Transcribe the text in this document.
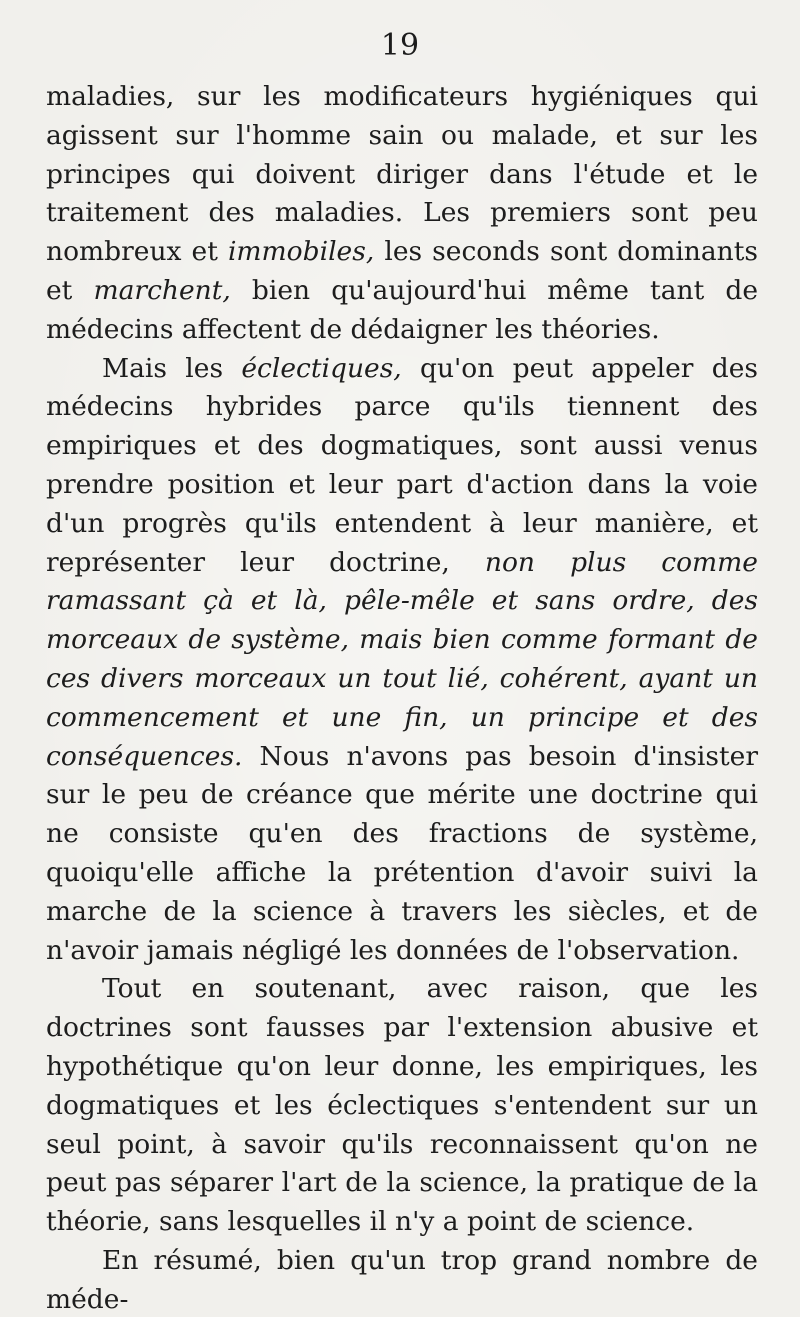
19

maladies, sur les modificateurs hygiéniques qui agissent sur l'homme sain ou malade, et sur les principes qui doivent diriger dans l'étude et le traitement des maladies. Les premiers sont peu nombreux et immobiles, les seconds sont dominants et marchent, bien qu'aujourd'hui même tant de médecins affectent de dédaigner les théories.

Mais les éclectiques, qu'on peut appeler des médecins hybrides parce qu'ils tiennent des empiriques et des dogmatiques, sont aussi venus prendre position et leur part d'action dans la voie d'un progrès qu'ils entendent à leur manière, et représenter leur doctrine, non plus comme ramassant çà et là, pêle-mêle et sans ordre, des morceaux de système, mais bien comme formant de ces divers morceaux un tout lié, cohérent, ayant un commencement et une fin, un principe et des conséquences. Nous n'avons pas besoin d'insister sur le peu de créance que mérite une doctrine qui ne consiste qu'en des fractions de système, quoiqu'elle affiche la prétention d'avoir suivi la marche de la science à travers les siècles, et de n'avoir jamais négligé les données de l'observation.

Tout en soutenant, avec raison, que les doctrines sont fausses par l'extension abusive et hypothétique qu'on leur donne, les empiriques, les dogmatiques et les éclectiques s'entendent sur un seul point, à savoir qu'ils reconnaissent qu'on ne peut pas séparer l'art de la science, la pratique de la théorie, sans lesquelles il n'y a point de science.

En résumé, bien qu'un trop grand nombre de méde-
